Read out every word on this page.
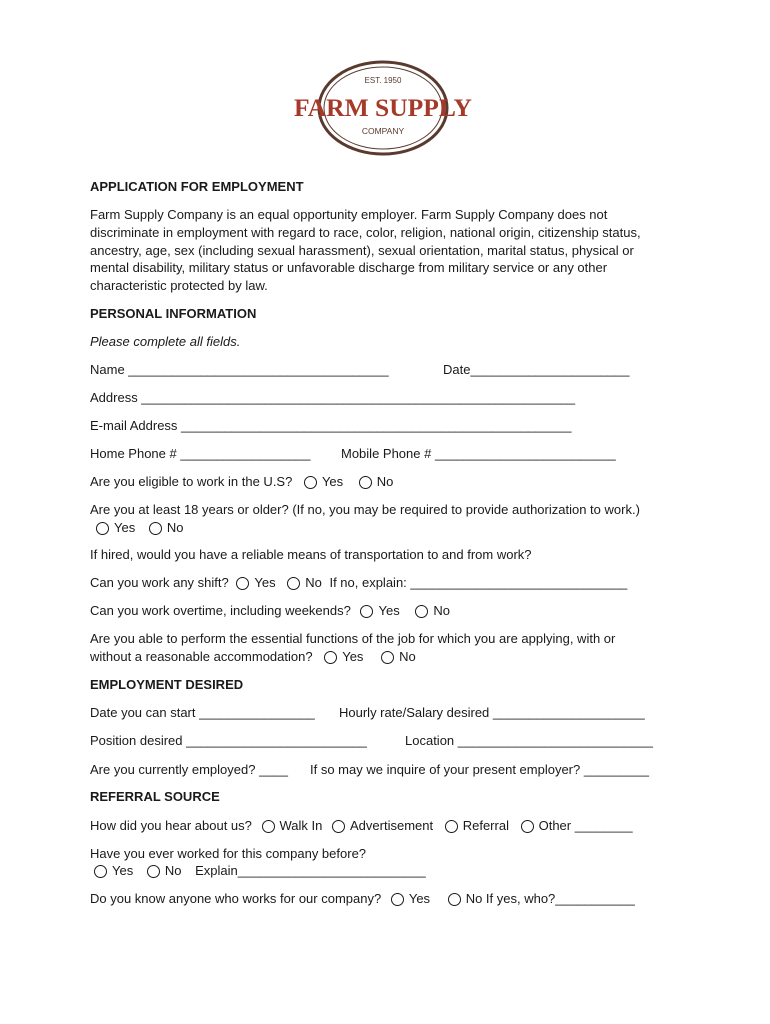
EST. 1950
FARM SUPPLY
COMPANY
APPLICATION FOR EMPLOYMENT
Farm Supply Company is an equal opportunity employer. Farm Supply Company does not
discriminate in employment with regard to race, color, religion, national origin, citizenship status,
ancestry, age, sex (including sexual harassment), sexual orientation, marital status, physical or
mental disability, military status or unfavorable discharge from military service or any other
characteristic protected by law.
PERSONAL INFORMATION
Please complete all fields.
Name ____________________________________	Date______________________
Address ____________________________________________________________
E-mail Address ______________________________________________________
Home Phone # __________________ Mobile Phone # _________________________
Are you eligible to work in the U.S? Yes	No
Are you at least 18 years or older? (If no, you may be required to provide authorization to work.)
Yes No
If hired, would you have a reliable means of transportation to and from work?
Can you work any shift? Yes No If no, explain: ______________________________
Can you work overtime, including weekends? Yes	No
Are you able to perform the essential functions of the job for which you are applying, with or
without a reasonable accommodation? Yes	No
EMPLOYMENT DESIRED
Date you can start ________________ Hourly rate/Salary desired _____________________
Position desired _________________________	Location ___________________________
Are you currently employed? ____ If so may we inquire of your present employer? _________
REFERRAL SOURCE
How did you hear about us? Walk In Advertisement Referral Other ________
Have you ever worked for this company before?
Yes No Explain__________________________
Do you know anyone who works for our company? Yes	No If yes, who?___________
